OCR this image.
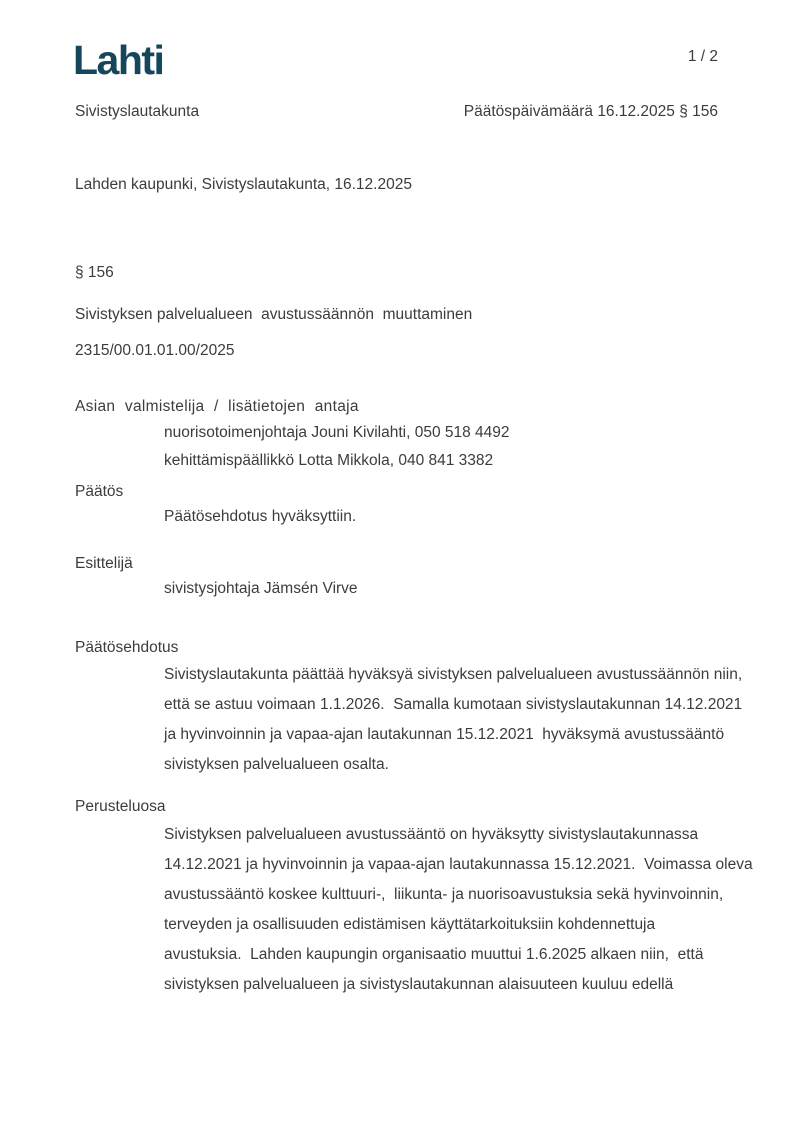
Lahti	1 / 2
Sivistyslautakunta	Päätöspäivämäärä 16.12.2025 § 156
Lahden kaupunki, Sivistyslautakunta, 16.12.2025
§ 156
Sivistyksen palvelualueen  avustussäännön  muuttaminen
2315/00.01.01.00/2025
Asian valmistelija / lisätietojen antaja
nuorisotoimenjohtaja Jouni Kivilahti, 050 518 4492
kehittämispäällikkö Lotta Mikkola, 040 841 3382
Päätös
Päätösehdotus hyväksyttiin.
Esittelijä
sivistysjohtaja Jämsén Virve
Päätösehdotus
Sivistyslautakunta päättää hyväksyä sivistyksen palvelualueen avustussäännön niin,
että se astuu voimaan 1.1.2026.  Samalla kumotaan sivistyslautakunnan 14.12.2021
ja hyvinvoinnin ja vapaa-ajan lautakunnan 15.12.2021  hyväksymä avustussääntö
sivistyksen palvelualueen osalta.
Perusteluosa
Sivistyksen palvelualueen avustussääntö on hyväksytty sivistyslautakunnassa
14.12.2021 ja hyvinvoinnin ja vapaa-ajan lautakunnassa 15.12.2021.  Voimassa oleva
avustussääntö koskee kulttuuri-,  liikunta- ja nuorisoavustuksia sekä hyvinvoinnin,
terveyden ja osallisuuden edistämisen käyttätarkoituksiin kohdennettuja
avustuksia.  Lahden kaupungin organisaatio muuttui 1.6.2025 alkaen niin,  että
sivistyksen palvelualueen ja sivistyslautakunnan alaisuuteen kuuluu edellä
